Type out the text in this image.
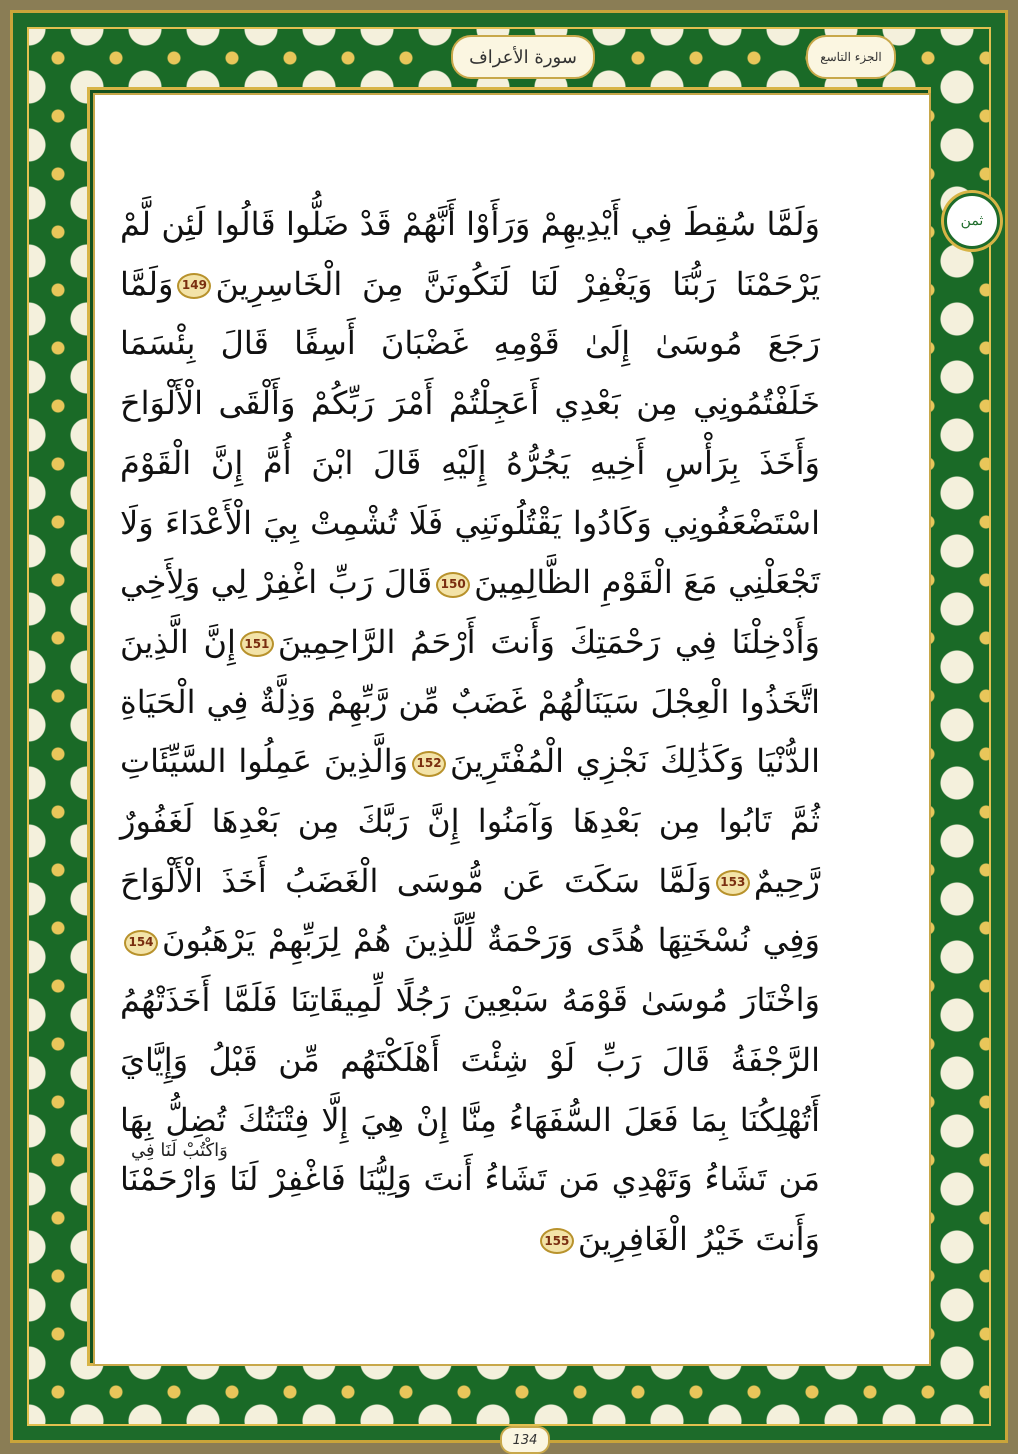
الجزء التاسع
سورة الأعراف
134
ثمن
وَلَمَّا سُقِطَ فِي أَيْدِيهِمْ وَرَأَوْا أَنَّهُمْ قَدْ ضَلُّوا قَالُوا لَئِن لَّمْ يَرْحَمْنَا رَبُّنَا وَيَغْفِرْ لَنَا لَنَكُونَنَّ مِنَ الْخَاسِرِينَ149وَلَمَّا رَجَعَ مُوسَىٰ إِلَىٰ قَوْمِهِ غَضْبَانَ أَسِفًا قَالَ بِئْسَمَا خَلَفْتُمُونِي مِن بَعْدِي أَعَجِلْتُمْ أَمْرَ رَبِّكُمْ وَأَلْقَى الْأَلْوَاحَ وَأَخَذَ بِرَأْسِ أَخِيهِ يَجُرُّهُ إِلَيْهِ قَالَ ابْنَ أُمَّ إِنَّ الْقَوْمَ اسْتَضْعَفُونِي وَكَادُوا يَقْتُلُونَنِي فَلَا تُشْمِتْ بِيَ الْأَعْدَاءَ وَلَا تَجْعَلْنِي مَعَ الْقَوْمِ الظَّالِمِينَ150قَالَ رَبِّ اغْفِرْ لِي وَلِأَخِي وَأَدْخِلْنَا فِي رَحْمَتِكَ وَأَنتَ أَرْحَمُ الرَّاحِمِينَ151إِنَّ الَّذِينَ اتَّخَذُوا الْعِجْلَ سَيَنَالُهُمْ غَضَبٌ مِّن رَّبِّهِمْ وَذِلَّةٌ فِي الْحَيَاةِ الدُّنْيَا وَكَذَٰلِكَ نَجْزِي الْمُفْتَرِينَ152وَالَّذِينَ عَمِلُوا السَّيِّئَاتِ ثُمَّ تَابُوا مِن بَعْدِهَا وَآمَنُوا إِنَّ رَبَّكَ مِن بَعْدِهَا لَغَفُورٌ رَّحِيمٌ153وَلَمَّا سَكَتَ عَن مُّوسَى الْغَضَبُ أَخَذَ الْأَلْوَاحَ وَفِي نُسْخَتِهَا هُدًى وَرَحْمَةٌ لِّلَّذِينَ هُمْ لِرَبِّهِمْ يَرْهَبُونَ154وَاخْتَارَ مُوسَىٰ قَوْمَهُ سَبْعِينَ رَجُلًا لِّمِيقَاتِنَا فَلَمَّا أَخَذَتْهُمُ الرَّجْفَةُ قَالَ رَبِّ لَوْ شِئْتَ أَهْلَكْتَهُم مِّن قَبْلُ وَإِيَّايَ أَتُهْلِكُنَا بِمَا فَعَلَ السُّفَهَاءُ مِنَّا إِنْ هِيَ إِلَّا فِتْنَتُكَ تُضِلُّ بِهَا مَن تَشَاءُ وَتَهْدِي مَن تَشَاءُ أَنتَ وَلِيُّنَا فَاغْفِرْ لَنَا وَارْحَمْنَا وَأَنتَ خَيْرُ الْغَافِرِينَ155
وَاكْتُبْ لَنَا فِي
